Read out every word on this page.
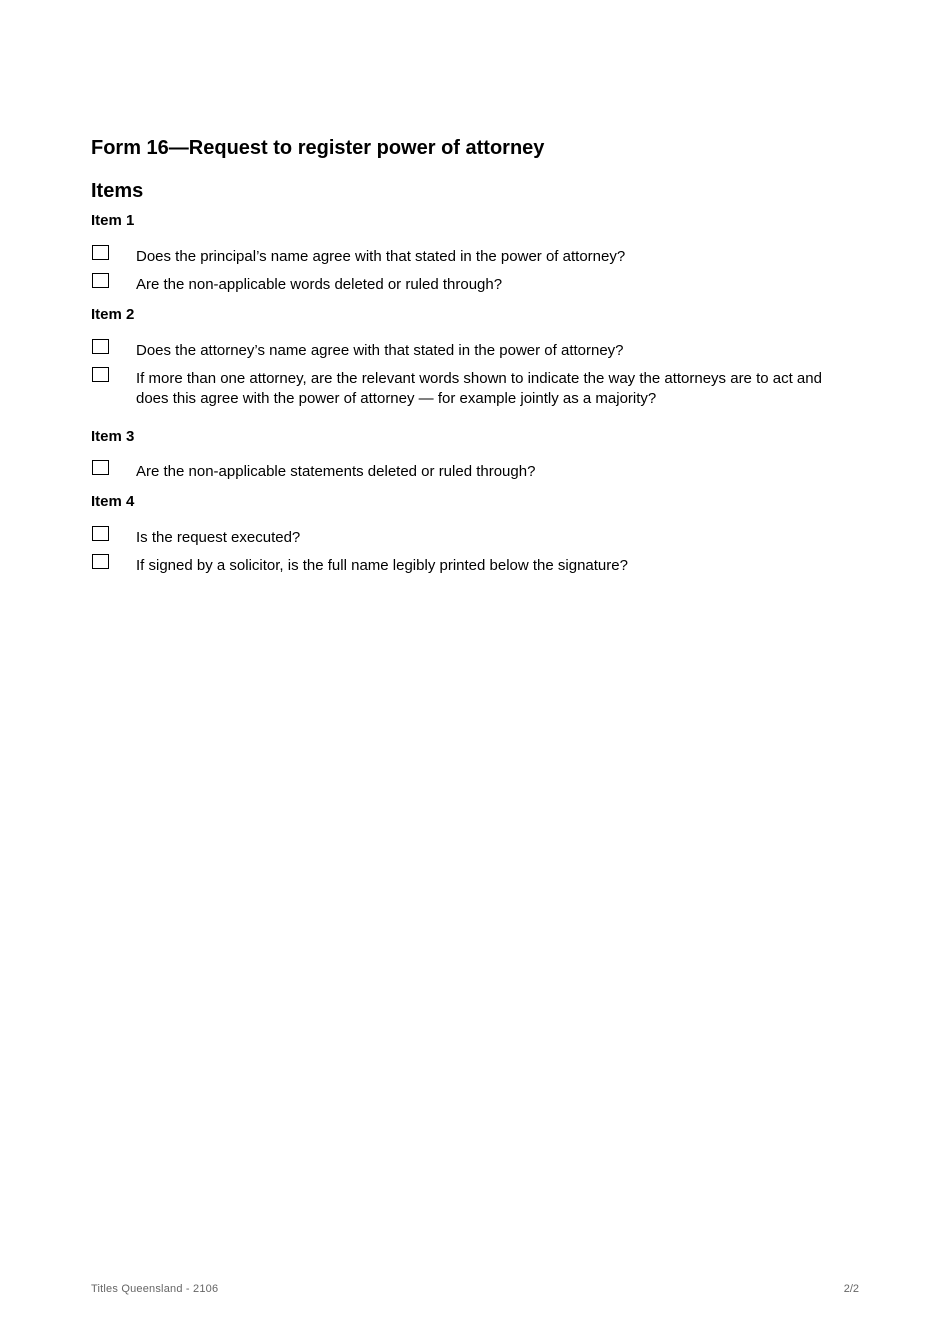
Form 16—Request to register power of attorney
Items
Item 1
Does the principal’s name agree with that stated in the power of attorney?
Are the non-applicable words deleted or ruled through?
Item 2
Does the attorney’s name agree with that stated in the power of attorney?
If more than one attorney, are the relevant words shown to indicate the way the attorneys are to act and does this agree with the power of attorney — for example jointly as a majority?
Item 3
Are the non-applicable statements deleted or ruled through?
Item 4
Is the request executed?
If signed by a solicitor, is the full name legibly printed below the signature?
Titles Queensland - 2106	2/2
